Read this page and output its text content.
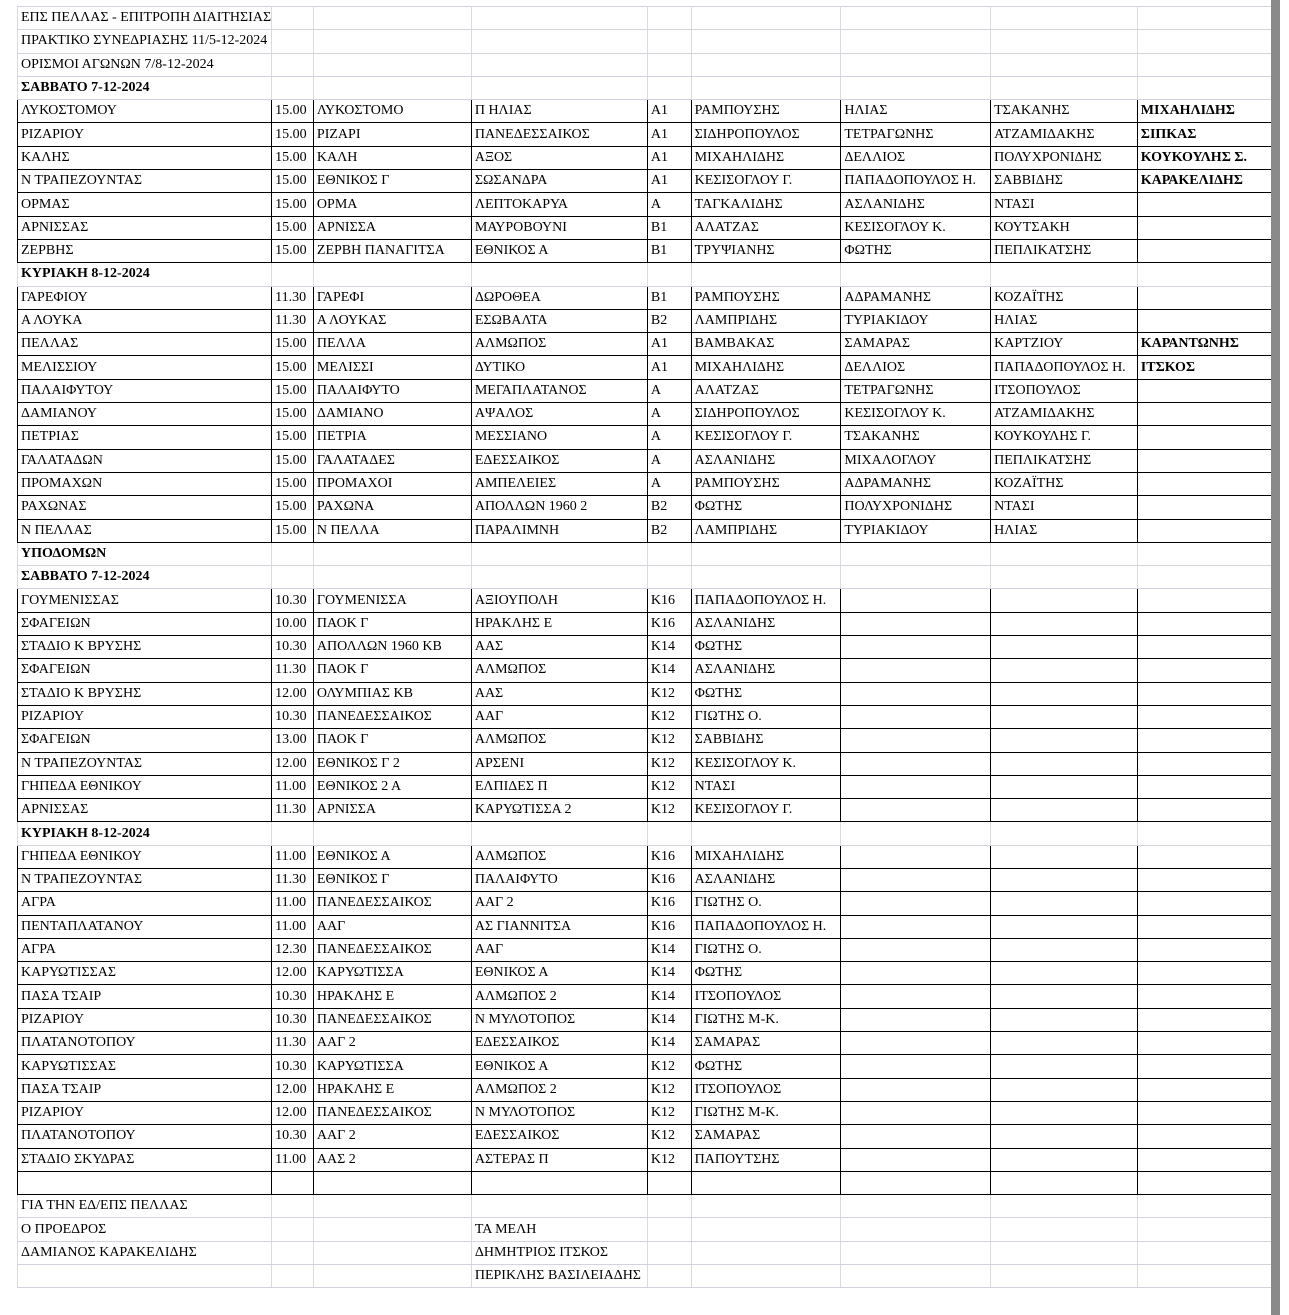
ΕΠΣ ΠΕΛΛΑΣ - ΕΠΙΤΡΟΠΗ ΔΙΑΙΤΗΣΙΑΣ								
ΠΡΑΚΤΙΚΟ ΣΥΝΕΔΡΙΑΣΗΣ 11/5-12-2024								
ΟΡΙΣΜΟΙ ΑΓΩΝΩΝ 7/8-12-2024								
ΣΑΒΒΑΤΟ 7-12-2024								
ΛΥΚΟΣΤΟΜΟΥ	15.00	ΛΥΚΟΣΤΟΜΟ	Π ΗΛΙΑΣ	Α1	ΡΑΜΠΟΥΣΗΣ	ΗΛΙΑΣ	ΤΣΑΚΑΝΗΣ	ΜΙΧΑΗΛΙΔΗΣ
ΡΙΖΑΡΙΟΥ	15.00	ΡΙΖΑΡΙ	ΠΑΝΕΔΕΣΣΑΙΚΟΣ	Α1	ΣΙΔΗΡΟΠΟΥΛΟΣ	ΤΕΤΡΑΓΩΝΗΣ	ΑΤΖΑΜΙΔΑΚΗΣ	ΣΙΠΚΑΣ
ΚΑΛΗΣ	15.00	ΚΑΛΗ	ΑΞΟΣ	Α1	ΜΙΧΑΗΛΙΔΗΣ	ΔΕΛΛΙΟΣ	ΠΟΛΥΧΡΟΝΙΔΗΣ	ΚΟΥΚΟΥΛΗΣ Σ.
Ν ΤΡΑΠΕΖΟΥΝΤΑΣ	15.00	ΕΘΝΙΚΟΣ Γ	ΣΩΣΑΝΔΡΑ	Α1	ΚΕΣΙΣΟΓΛΟΥ Γ.	ΠΑΠΑΔΟΠΟΥΛΟΣ Η.	ΣΑΒΒΙΔΗΣ	ΚΑΡΑΚΕΛΙΔΗΣ
ΟΡΜΑΣ	15.00	ΟΡΜΑ	ΛΕΠΤΟΚΑΡΥΑ	Α	ΤΑΓΚΑΛΙΔΗΣ	ΑΣΛΑΝΙΔΗΣ	ΝΤΑΣΙ	
ΑΡΝΙΣΣΑΣ	15.00	ΑΡΝΙΣΣΑ	ΜΑΥΡΟΒΟΥΝΙ	Β1	ΑΛΑΤΖΑΣ	ΚΕΣΙΣΟΓΛΟΥ Κ.	ΚΟΥΤΣΑΚΗ	
ΖΕΡΒΗΣ	15.00	ΖΕΡΒΗ ΠΑΝΑΓΙΤΣΑ	ΕΘΝΙΚΟΣ Α	Β1	ΤΡΥΨΙΑΝΗΣ	ΦΩΤΗΣ	ΠΕΠΛΙΚΑΤΣΗΣ	
ΚΥΡΙΑΚΗ 8-12-2024								
ΓΑΡΕΦΙΟΥ	11.30	ΓΑΡΕΦΙ	ΔΩΡΟΘΕΑ	Β1	ΡΑΜΠΟΥΣΗΣ	ΑΔΡΑΜΑΝΗΣ	ΚΟΖΑΪΤΗΣ	
Α ΛΟΥΚΑ	11.30	Α ΛΟΥΚΑΣ	ΕΣΩΒΑΛΤΑ	Β2	ΛΑΜΠΡΙΔΗΣ	ΤΥΡΙΑΚΙΔΟΥ	ΗΛΙΑΣ	
ΠΕΛΛΑΣ	15.00	ΠΕΛΛΑ	ΑΛΜΩΠΟΣ	Α1	ΒΑΜΒΑΚΑΣ	ΣΑΜΑΡΑΣ	ΚΑΡΤΖΙΟΥ	ΚΑΡΑΝΤΩΝΗΣ
ΜΕΛΙΣΣΙΟΥ	15.00	ΜΕΛΙΣΣΙ	ΔΥΤΙΚΟ	Α1	ΜΙΧΑΗΛΙΔΗΣ	ΔΕΛΛΙΟΣ	ΠΑΠΑΔΟΠΟΥΛΟΣ Η.	ΙΤΣΚΟΣ
ΠΑΛΑΙΦΥΤΟΥ	15.00	ΠΑΛΑΙΦΥΤΟ	ΜΕΓΑΠΛΑΤΑΝΟΣ	Α	ΑΛΑΤΖΑΣ	ΤΕΤΡΑΓΩΝΗΣ	ΙΤΣΟΠΟΥΛΟΣ	
ΔΑΜΙΑΝΟΥ	15.00	ΔΑΜΙΑΝΟ	ΑΨΑΛΟΣ	Α	ΣΙΔΗΡΟΠΟΥΛΟΣ	ΚΕΣΙΣΟΓΛΟΥ Κ.	ΑΤΖΑΜΙΔΑΚΗΣ	
ΠΕΤΡΙΑΣ	15.00	ΠΕΤΡΙΑ	ΜΕΣΣΙΑΝΟ	Α	ΚΕΣΙΣΟΓΛΟΥ Γ.	ΤΣΑΚΑΝΗΣ	ΚΟΥΚΟΥΛΗΣ Γ.	
ΓΑΛΑΤΑΔΩΝ	15.00	ΓΑΛΑΤΑΔΕΣ	ΕΔΕΣΣΑΙΚΟΣ	Α	ΑΣΛΑΝΙΔΗΣ	ΜΙΧΑΛΟΓΛΟΥ	ΠΕΠΛΙΚΑΤΣΗΣ	
ΠΡΟΜΑΧΩΝ	15.00	ΠΡΟΜΑΧΟΙ	ΑΜΠΕΛΕΙΕΣ	Α	ΡΑΜΠΟΥΣΗΣ	ΑΔΡΑΜΑΝΗΣ	ΚΟΖΑΪΤΗΣ	
ΡΑΧΩΝΑΣ	15.00	ΡΑΧΩΝΑ	ΑΠΟΛΛΩΝ 1960 2	Β2	ΦΩΤΗΣ	ΠΟΛΥΧΡΟΝΙΔΗΣ	ΝΤΑΣΙ	
Ν ΠΕΛΛΑΣ	15.00	Ν ΠΕΛΛΑ	ΠΑΡΑΛΙΜΝΗ	Β2	ΛΑΜΠΡΙΔΗΣ	ΤΥΡΙΑΚΙΔΟΥ	ΗΛΙΑΣ	
ΥΠΟΔΟΜΩΝ								
ΣΑΒΒΑΤΟ 7-12-2024								
ΓΟΥΜΕΝΙΣΣΑΣ	10.30	ΓΟΥΜΕΝΙΣΣΑ	ΑΞΙΟΥΠΟΛΗ	Κ16	ΠΑΠΑΔΟΠΟΥΛΟΣ Η.			
ΣΦΑΓΕΙΩΝ	10.00	ΠΑΟΚ Γ	ΗΡΑΚΛΗΣ Ε	Κ16	ΑΣΛΑΝΙΔΗΣ			
ΣΤΑΔΙΟ Κ ΒΡΥΣΗΣ	10.30	ΑΠΟΛΛΩΝ 1960 ΚΒ	ΑΑΣ	Κ14	ΦΩΤΗΣ			
ΣΦΑΓΕΙΩΝ	11.30	ΠΑΟΚ Γ	ΑΛΜΩΠΟΣ	Κ14	ΑΣΛΑΝΙΔΗΣ			
ΣΤΑΔΙΟ Κ ΒΡΥΣΗΣ	12.00	ΟΛΥΜΠΙΑΣ ΚΒ	ΑΑΣ	Κ12	ΦΩΤΗΣ			
ΡΙΖΑΡΙΟΥ	10.30	ΠΑΝΕΔΕΣΣΑΙΚΟΣ	ΑΑΓ	Κ12	ΓΙΩΤΗΣ Ο.			
ΣΦΑΓΕΙΩΝ	13.00	ΠΑΟΚ Γ	ΑΛΜΩΠΟΣ	Κ12	ΣΑΒΒΙΔΗΣ			
Ν ΤΡΑΠΕΖΟΥΝΤΑΣ	12.00	ΕΘΝΙΚΟΣ Γ 2	ΑΡΣΕΝΙ	Κ12	ΚΕΣΙΣΟΓΛΟΥ Κ.			
ΓΗΠΕΔΑ ΕΘΝΙΚΟΥ	11.00	ΕΘΝΙΚΟΣ 2 Α	ΕΛΠΙΔΕΣ Π	Κ12	ΝΤΑΣΙ			
ΑΡΝΙΣΣΑΣ	11.30	ΑΡΝΙΣΣΑ	ΚΑΡΥΩΤΙΣΣΑ 2	Κ12	ΚΕΣΙΣΟΓΛΟΥ Γ.			
ΚΥΡΙΑΚΗ 8-12-2024								
ΓΗΠΕΔΑ ΕΘΝΙΚΟΥ	11.00	ΕΘΝΙΚΟΣ Α	ΑΛΜΩΠΟΣ	Κ16	ΜΙΧΑΗΛΙΔΗΣ			
Ν ΤΡΑΠΕΖΟΥΝΤΑΣ	11.30	ΕΘΝΙΚΟΣ Γ	ΠΑΛΑΙΦΥΤΟ	Κ16	ΑΣΛΑΝΙΔΗΣ			
ΑΓΡΑ	11.00	ΠΑΝΕΔΕΣΣΑΙΚΟΣ	ΑΑΓ 2	Κ16	ΓΙΩΤΗΣ Ο.			
ΠΕΝΤΑΠΛΑΤΑΝΟΥ	11.00	ΑΑΓ	ΑΣ ΓΙΑΝΝΙΤΣΑ	Κ16	ΠΑΠΑΔΟΠΟΥΛΟΣ Η.			
ΑΓΡΑ	12.30	ΠΑΝΕΔΕΣΣΑΙΚΟΣ	ΑΑΓ	Κ14	ΓΙΩΤΗΣ Ο.			
ΚΑΡΥΩΤΙΣΣΑΣ	12.00	ΚΑΡΥΩΤΙΣΣΑ	ΕΘΝΙΚΟΣ Α	Κ14	ΦΩΤΗΣ			
ΠΑΣΑ ΤΣΑΙΡ	10.30	ΗΡΑΚΛΗΣ Ε	ΑΛΜΩΠΟΣ 2	Κ14	ΙΤΣΟΠΟΥΛΟΣ			
ΡΙΖΑΡΙΟΥ	10.30	ΠΑΝΕΔΕΣΣΑΙΚΟΣ	Ν ΜΥΛΟΤΟΠΟΣ	Κ14	ΓΙΩΤΗΣ Μ-Κ.			
ΠΛΑΤΑΝΟΤΟΠΟΥ	11.30	ΑΑΓ 2	ΕΔΕΣΣΑΙΚΟΣ	Κ14	ΣΑΜΑΡΑΣ			
ΚΑΡΥΩΤΙΣΣΑΣ	10.30	ΚΑΡΥΩΤΙΣΣΑ	ΕΘΝΙΚΟΣ Α	Κ12	ΦΩΤΗΣ			
ΠΑΣΑ ΤΣΑΙΡ	12.00	ΗΡΑΚΛΗΣ Ε	ΑΛΜΩΠΟΣ 2	Κ12	ΙΤΣΟΠΟΥΛΟΣ			
ΡΙΖΑΡΙΟΥ	12.00	ΠΑΝΕΔΕΣΣΑΙΚΟΣ	Ν ΜΥΛΟΤΟΠΟΣ	Κ12	ΓΙΩΤΗΣ Μ-Κ.			
ΠΛΑΤΑΝΟΤΟΠΟΥ	10.30	ΑΑΓ 2	ΕΔΕΣΣΑΙΚΟΣ	Κ12	ΣΑΜΑΡΑΣ			
ΣΤΑΔΙΟ ΣΚΥΔΡΑΣ	11.00	ΑΑΣ 2	ΑΣΤΕΡΑΣ Π	Κ12	ΠΑΠΟΥΤΣΗΣ			

ΓΙΑ ΤΗΝ ΕΔ/ΕΠΣ ΠΕΛΛΑΣ								
Ο ΠΡΟΕΔΡΟΣ			ΤΑ ΜΕΛΗ					
ΔΑΜΙΑΝΟΣ ΚΑΡΑΚΕΛΙΔΗΣ			ΔΗΜΗΤΡΙΟΣ ΙΤΣΚΟΣ					
			ΠΕΡΙΚΛΗΣ ΒΑΣΙΛΕΙΑΔΗΣ					
